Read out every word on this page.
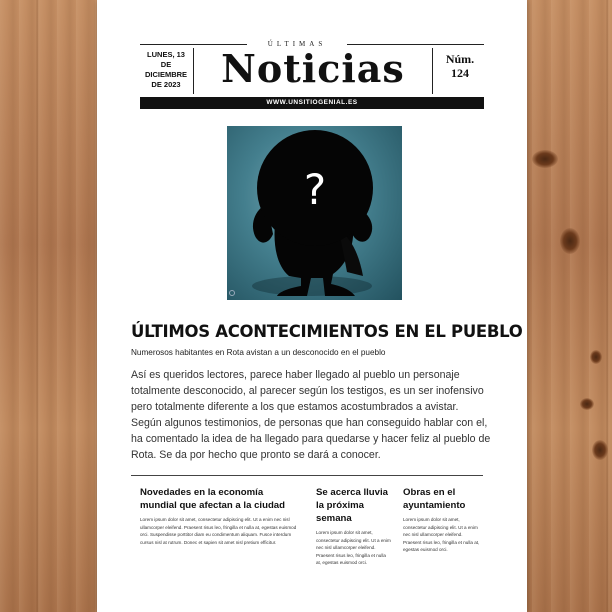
ÚLTIMAS
LUNES, 13
DE
DICIEMBRE
DE 2023	Noticias	Núm.
124
WWW.UNSITIOGENIAL.ES
?
ÚLTIMOS ACONTECIMIENTOS EN EL PUEBLO
Numerosos habitantes en Rota avistan a un desconocido en el pueblo

Así es queridos lectores, parece haber llegado al pueblo un personaje totalmente desconocido, al parecer según los testigos, es un ser inofensivo pero totalmente diferente a los que estamos acostumbrados a avistar.

Según algunos testimonios, de personas que han conseguido hablar con el, ha comentado la idea de ha llegado para quedarse y hacer feliz al pueblo de Rota. Se da por hecho que pronto se dará a conocer.

Novedades en la economía mundial que afectan a la ciudad
Lorem ipsum dolor sit amet, consectetur adipiscing elit. Ut a enim nec nisl ullamcorper eleifend. Praesent risus leo, fringilla et nulla at, egestas euismod orci. Suspendisse porttitor diam eu condimentum aliquam. Fusce interdum cursus nisl at rutrum. Donec et sapien sit amet nisl pretium efficitur.
Se acerca lluvia la próxima semana
Lorem ipsum dolor sit amet, consectetur adipiscing elit. Ut a enim nec nisl ullamcorper eleifend. Praesent risus leo, fringilla et nulla at, egestas euismod orci.
Obras en el ayuntamiento
Lorem ipsum dolor sit amet, consectetur adipiscing elit. Ut a enim nec nisl ullamcorper eleifend. Praesent risus leo, fringilla et nulla at, egestas euismod orci.
